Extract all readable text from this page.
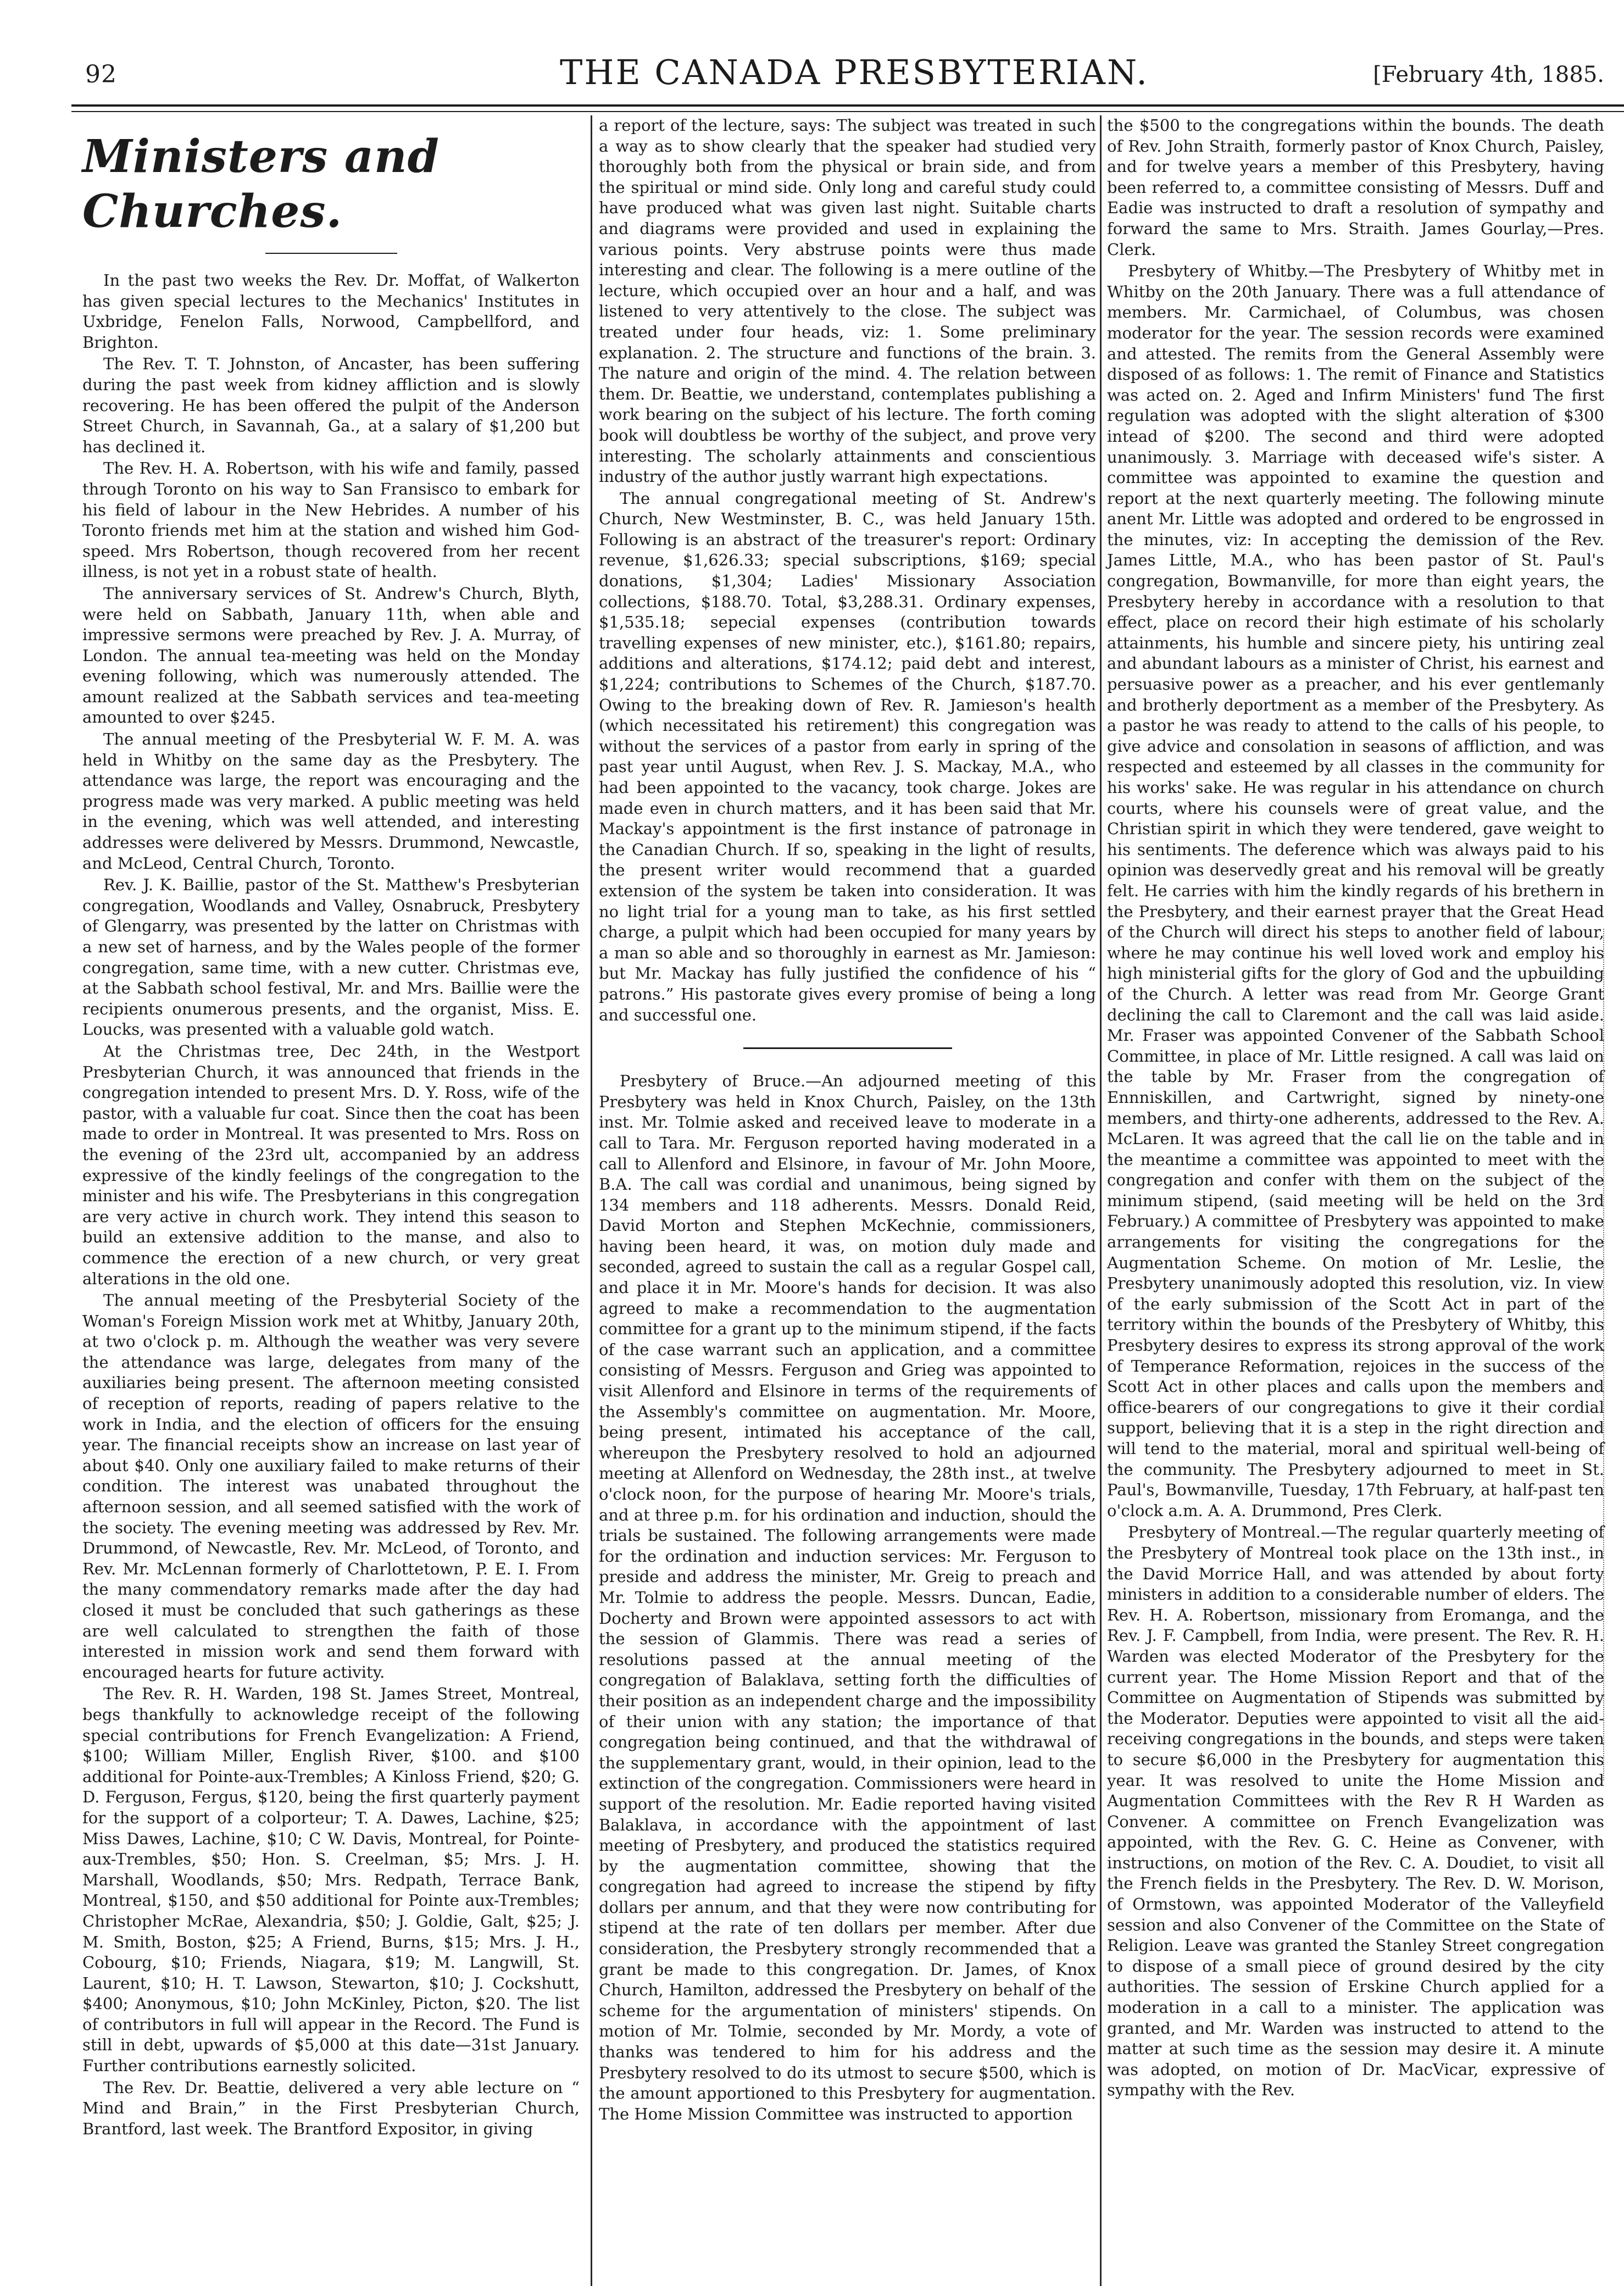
92	THE CANADA PRESBYTERIAN.	[February 4th, 1885.
Ministers and Churches.

In the past two weeks the Rev. Dr. Moffat, of Walkerton has given special lectures to the Mechanics' Institutes in Uxbridge, Fenelon Falls, Norwood, Campbellford, and Brighton.

The Rev. T. T. Johnston, of Ancaster, has been suffering during the past week from kidney affliction and is slowly recovering. He has been offered the pulpit of the Anderson Street Church, in Savannah, Ga., at a salary of $1,200 but has declined it.

The Rev. H. A. Robertson, with his wife and family, passed through Toronto on his way to San Fransisco to embark for his field of labour in the New Hebrides. A number of his Toronto friends met him at the station and wished him God-speed. Mrs Robertson, though recovered from her recent illness, is not yet in a robust state of health.

The anniversary services of St. Andrew's Church, Blyth, were held on Sabbath, January 11th, when able and impressive sermons were preached by Rev. J. A. Murray, of London. The annual tea-meeting was held on the Monday evening following, which was numerously attended. The amount realized at the Sabbath services and tea-meeting amounted to over $245.

The annual meeting of the Presbyterial W. F. M. A. was held in Whitby on the same day as the Presbytery. The attendance was large, the report was encouraging and the progress made was very marked. A public meeting was held in the evening, which was well attended, and interesting addresses were delivered by Messrs. Drummond, Newcastle, and McLeod, Central Church, Toronto.

Rev. J. K. Baillie, pastor of the St. Matthew's Presbyterian congregation, Woodlands and Valley, Osnabruck, Presbytery of Glengarry, was presented by the latter on Christmas with a new set of harness, and by the Wales people of the former congregation, same time, with a new cutter. Christmas eve, at the Sabbath school festival, Mr. and Mrs. Baillie were the recipients onumerous presents, and the organist, Miss. E. Loucks, was presented with a valuable gold watch.

At the Christmas tree, Dec 24th, in the Westport Presbyterian Church, it was announced that friends in the congregation intended to present Mrs. D. Y. Ross, wife of the pastor, with a valuable fur coat. Since then the coat has been made to order in Montreal. It was presented to Mrs. Ross on the evening of the 23rd ult, accompanied by an address expressive of the kindly feelings of the congregation to the minister and his wife. The Presbyterians in this congregation are very active in church work. They intend this season to build an extensive addition to the manse, and also to commence the erection of a new church, or very great alterations in the old one.

The annual meeting of the Presbyterial Society of the Woman's Foreign Mission work met at Whitby, January 20th, at two o'clock p. m. Although the weather was very severe the attendance was large, delegates from many of the auxiliaries being present. The afternoon meeting consisted of reception of reports, reading of papers relative to the work in India, and the election of officers for the ensuing year. The financial receipts show an increase on last year of about $40. Only one auxiliary failed to make returns of their condition. The interest was unabated throughout the afternoon session, and all seemed satisfied with the work of the society. The evening meeting was addressed by Rev. Mr. Drummond, of Newcastle, Rev. Mr. McLeod, of Toronto, and Rev. Mr. McLennan formerly of Charlottetown, P. E. I. From the many commendatory remarks made after the day had closed it must be concluded that such gatherings as these are well calculated to strengthen the faith of those interested in mission work and send them forward with encouraged hearts for future activity.

The Rev. R. H. Warden, 198 St. James Street, Montreal, begs thankfully to acknowledge receipt of the following special contributions for French Evangelization: A Friend, $100; William Miller, English River, $100. and $100 additional for Pointe-aux-Trembles; A Kinloss Friend, $20; G. D. Ferguson, Fergus, $120, being the first quarterly payment for the support of a colporteur; T. A. Dawes, Lachine, $25; Miss Dawes, Lachine, $10; C W. Davis, Montreal, for Pointe-aux-Trembles, $50; Hon. S. Creelman, $5; Mrs. J. H. Marshall, Woodlands, $50; Mrs. Redpath, Terrace Bank, Montreal, $150, and $50 additional for Pointe aux-Trembles; Christopher McRae, Alexandria, $50; J. Goldie, Galt, $25; J. M. Smith, Boston, $25; A Friend, Burns, $15; Mrs. J. H., Cobourg, $10; Friends, Niagara, $19; M. Langwill, St. Laurent, $10; H. T. Lawson, Stewarton, $10; J. Cockshutt, $400; Anonymous, $10; John McKinley, Picton, $20. The list of contributors in full will appear in the Record. The Fund is still in debt, upwards of $5,000 at this date—31st January. Further contributions earnestly solicited.

The Rev. Dr. Beattie, delivered a very able lecture on “ Mind and Brain,” in the First Presbyterian Church, Brantford, last week. The Brantford Expositor, in giving

a report of the lecture, says: The subject was treated in such a way as to show clearly that the speaker had studied very thoroughly both from the physical or brain side, and from the spiritual or mind side. Only long and careful study could have produced what was given last night. Suitable charts and diagrams were provided and used in explaining the various points. Very abstruse points were thus made interesting and clear. The following is a mere outline of the lecture, which occupied over an hour and a half, and was listened to very attentively to the close. The subject was treated under four heads, viz: 1. Some preliminary explanation. 2. The structure and functions of the brain. 3. The nature and origin of the mind. 4. The relation between them. Dr. Beattie, we understand, contemplates publishing a work bearing on the subject of his lecture. The forth coming book will doubtless be worthy of the subject, and prove very interesting. The scholarly attainments and conscientious industry of the author justly warrant high expectations.

The annual congregational meeting of St. Andrew's Church, New Westminster, B. C., was held January 15th. Following is an abstract of the treasurer's report: Ordinary revenue, $1,626.33; special subscriptions, $169; special donations, $1,304; Ladies' Missionary Association collections, $188.70. Total, $3,288.31. Ordinary expenses, $1,535.18; sepecial expenses (contribution towards travelling expenses of new minister, etc.), $161.80; repairs, additions and alterations, $174.12; paid debt and interest, $1,224; contributions to Schemes of the Church, $187.70. Owing to the breaking down of Rev. R. Jamieson's health (which necessitated his retirement) this congregation was without the services of a pastor from early in spring of the past year until August, when Rev. J. S. Mackay, M.A., who had been appointed to the vacancy, took charge. Jokes are made even in church matters, and it has been said that Mr. Mackay's appointment is the first instance of patronage in the Canadian Church. If so, speaking in the light of results, the present writer would recommend that a guarded extension of the system be taken into consideration. It was no light trial for a young man to take, as his first settled charge, a pulpit which had been occupied for many years by a man so able and so thoroughly in earnest as Mr. Jamieson: but Mr. Mackay has fully justified the confidence of his “ patrons.” His pastorate gives every promise of being a long and successful one.

Presbytery of Bruce.—An adjourned meeting of this Presbytery was held in Knox Church, Paisley, on the 13th inst. Mr. Tolmie asked and received leave to moderate in a call to Tara. Mr. Ferguson reported having moderated in a call to Allenford and Elsinore, in favour of Mr. John Moore, B.A. The call was cordial and unanimous, being signed by 134 members and 118 adherents. Messrs. Donald Reid, David Morton and Stephen McKechnie, commissioners, having been heard, it was, on motion duly made and seconded, agreed to sustain the call as a regular Gospel call, and place it in Mr. Moore's hands for decision. It was also agreed to make a recommendation to the augmentation committee for a grant up to the minimum stipend, if the facts of the case warrant such an application, and a committee consisting of Messrs. Ferguson and Grieg was appointed to visit Allenford and Elsinore in terms of the requirements of the Assembly's committee on augmentation. Mr. Moore, being present, intimated his acceptance of the call, whereupon the Presbytery resolved to hold an adjourned meeting at Allenford on Wednesday, the 28th inst., at twelve o'clock noon, for the purpose of hearing Mr. Moore's trials, and at three p.m. for his ordination and induction, should the trials be sustained. The following arrangements were made for the ordination and induction services: Mr. Ferguson to preside and address the minister, Mr. Greig to preach and Mr. Tolmie to address the people. Messrs. Duncan, Eadie, Docherty and Brown were appointed assessors to act with the session of Glammis. There was read a series of resolutions passed at the annual meeting of the congregation of Balaklava, setting forth the difficulties of their position as an independent charge and the impossibility of their union with any station; the importance of that congregation being continued, and that the withdrawal of the supplementary grant, would, in their opinion, lead to the extinction of the congregation. Commissioners were heard in support of the resolution. Mr. Eadie reported having visited Balaklava, in accordance with the appointment of last meeting of Presbytery, and produced the statistics required by the augmentation committee, showing that the congregation had agreed to increase the stipend by fifty dollars per annum, and that they were now contributing for stipend at the rate of ten dollars per member. After due consideration, the Presbytery strongly recommended that a grant be made to this congregation. Dr. James, of Knox Church, Hamilton, addressed the Presbytery on behalf of the scheme for the argumentation of ministers' stipends. On motion of Mr. Tolmie, seconded by Mr. Mordy, a vote of thanks was tendered to him for his address and the Presbytery resolved to do its utmost to secure $500, which is the amount apportioned to this Presbytery for augmentation. The Home Mission Committee was instructed to apportion

the $500 to the congregations within the bounds. The death of Rev. John Straith, formerly pastor of Knox Church, Paisley, and for twelve years a member of this Presbytery, having been referred to, a committee consisting of Messrs. Duff and Eadie was instructed to draft a resolution of sympathy and forward the same to Mrs. Straith. James Gourlay,—Pres. Clerk.

Presbytery of Whitby.—The Presbytery of Whitby met in Whitby on the 20th January. There was a full attendance of members. Mr. Carmichael, of Columbus, was chosen moderator for the year. The session records were examined and attested. The remits from the General Assembly were disposed of as follows: 1. The remit of Finance and Statistics was acted on. 2. Aged and Infirm Ministers' fund The first regulation was adopted with the slight alteration of $300 intead of $200. The second and third were adopted unanimously. 3. Marriage with deceased wife's sister. A committee was appointed to examine the question and report at the next quarterly meeting. The following minute anent Mr. Little was adopted and ordered to be engrossed in the minutes, viz: In accepting the demission of the Rev. James Little, M.A., who has been pastor of St. Paul's congregation, Bowmanville, for more than eight years, the Presbytery hereby in accordance with a resolution to that effect, place on record their high estimate of his scholarly attainments, his humble and sincere piety, his untiring zeal and abundant labours as a minister of Christ, his earnest and persuasive power as a preacher, and his ever gentlemanly and brotherly deportment as a member of the Presbytery. As a pastor he was ready to attend to the calls of his people, to give advice and consolation in seasons of affliction, and was respected and esteemed by all classes in the community for his works' sake. He was regular in his attendance on church courts, where his counsels were of great value, and the Christian spirit in which they were tendered, gave weight to his sentiments. The deference which was always paid to his opinion was deservedly great and his removal will be greatly felt. He carries with him the kindly regards of his brethern in the Presbytery, and their earnest prayer that the Great Head of the Church will direct his steps to another field of labour, where he may continue his well loved work and employ his high ministerial gifts for the glory of God and the upbuilding of the Church. A letter was read from Mr. George Grant declining the call to Claremont and the call was laid aside. Mr. Fraser was appointed Convener of the Sabbath School Committee, in place of Mr. Little resigned. A call was laid on the table by Mr. Fraser from the congregation of Ennniskillen, and Cartwright, signed by ninety-one members, and thirty-one adherents, addressed to the Rev. A. McLaren. It was agreed that the call lie on the table and in the meantime a committee was appointed to meet with the congregation and confer with them on the subject of the minimum stipend, (said meeting will be held on the 3rd February.) A committee of Presbytery was appointed to make arrangements for visiting the congregations for the Augmentation Scheme. On motion of Mr. Leslie, the Presbytery unanimously adopted this resolution, viz. In view of the early submission of the Scott Act in part of the territory within the bounds of the Presbytery of Whitby, this Presbytery desires to express its strong approval of the work of Temperance Reformation, rejoices in the success of the Scott Act in other places and calls upon the members and office-bearers of our congregations to give it their cordial support, believing that it is a step in the right direction and will tend to the material, moral and spiritual well-being of the community. The Presbytery adjourned to meet in St. Paul's, Bowmanville, Tuesday, 17th February, at half-past ten o'clock a.m. A. A. Drummond, Pres Clerk.

Presbytery of Montreal.—The regular quarterly meeting of the Presbytery of Montreal took place on the 13th inst., in the David Morrice Hall, and was attended by about forty ministers in addition to a considerable number of elders. The Rev. H. A. Robertson, missionary from Eromanga, and the Rev. J. F. Campbell, from India, were present. The Rev. R. H. Warden was elected Moderator of the Presbytery for the current year. The Home Mission Report and that of the Committee on Augmentation of Stipends was submitted by the Moderator. Deputies were appointed to visit all the aid-receiving congregations in the bounds, and steps were taken to secure $6,000 in the Presbytery for augmentation this year. It was resolved to unite the Home Mission and Augmentation Committees with the Rev R H Warden as Convener. A committee on French Evangelization was appointed, with the Rev. G. C. Heine as Convener, with instructions, on motion of the Rev. C. A. Doudiet, to visit all the French fields in the Presbytery. The Rev. D. W. Morison, of Ormstown, was appointed Moderator of the Valleyfield session and also Convener of the Committee on the State of Religion. Leave was granted the Stanley Street congregation to dispose of a small piece of ground desired by the city authorities. The session of Erskine Church applied for a moderation in a call to a minister. The application was granted, and Mr. Warden was instructed to attend to the matter at such time as the session may desire it. A minute was adopted, on motion of Dr. MacVicar, expressive of sympathy with the Rev.
